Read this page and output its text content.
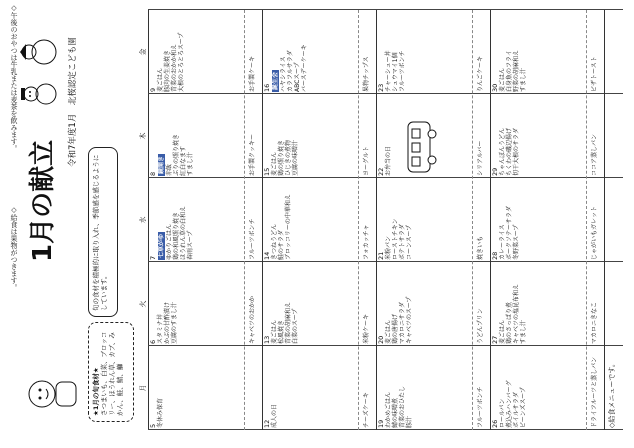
1月の献立
令和7年度1月　北桜認定こども園
★1月の旬食材★ さつまいも、白菜、ブロッコリー、ほうれん草、カブ、みかん、鮭、鯖、鰤
旬の食材を積極的に取り入れ、季節感を感じるようにしています。
月
火
水
木
金
5 冬休み保育
6 スタミナ丼 かぶの甘酢漬け 豆腐のすまし汁
7 七草がゆ ゆかりごはん 鶏の和風照り焼き ほうれん草の白和え 春雨スープ
8 鏡開き 赤飯 ぶりの照り焼き 紅白なます すまし汁
9 麦ごはん 豚肉の生姜焼き 青菜のおかか和え 大根のとろとろスープ
キャベツのおかか
フルーツポンチ
お手製クッキー
お手製ケーキ
12 成人の日
13 麦ごはん 松風焼き 青菜の胡麻和え 白菜のスープ
14 きつねうどん 鮭のサラダ ブロッコリーの中華和え
15 麦ごはん 鶏の照り焼き ひじきの煮物 豆腐の味噌汁
16 誕生会 ハヤシライス カラフルサラダ ABCスープ バースデーケーキ
チーズケーキ
米粉ケーキ
フォカッチャ
ヨーグルト
果物チップス
19 わかめごはん 鯖の味噌煮 青菜のおひたし 豚汁
20 麦ごはん 鶏の唐揚げ マカロニサラダ キャベツのスープ
21 米粉パン ローストチキン ポテトサラダ コーンスープ
22 お弁当の日
23 チャーシュー丼 シュウマイ1個 フルーツポンチ
フルーツポンチ
うどんプリン
焼きいも
シリアルバー
りんごケーキ
26 ロールパン 煮込みハンバーグ ボイルサラダ ビーンズスープ
27 麦ごはん 鶏のさっぱり煮 キャベツの塩昆布和え すまし汁
28 カレーライス ポークソテーサラダ 冬野菜スープ
29 ちゃんぽんうどん ちくわの磯辺揚げ 切干大根のサラダ
30 麦ごはん 白身魚のフライ 野菜の胡麻和え すまし汁
ドライフルーツと蒸しパン
マカロニきなこ
じゃがいもガレット
ココア蒸しパン
ピザトースト
◇給食メニューです。
◇午後のおやつは牛乳または麦茶を飲みます。
◇給食は果物がつきます。
